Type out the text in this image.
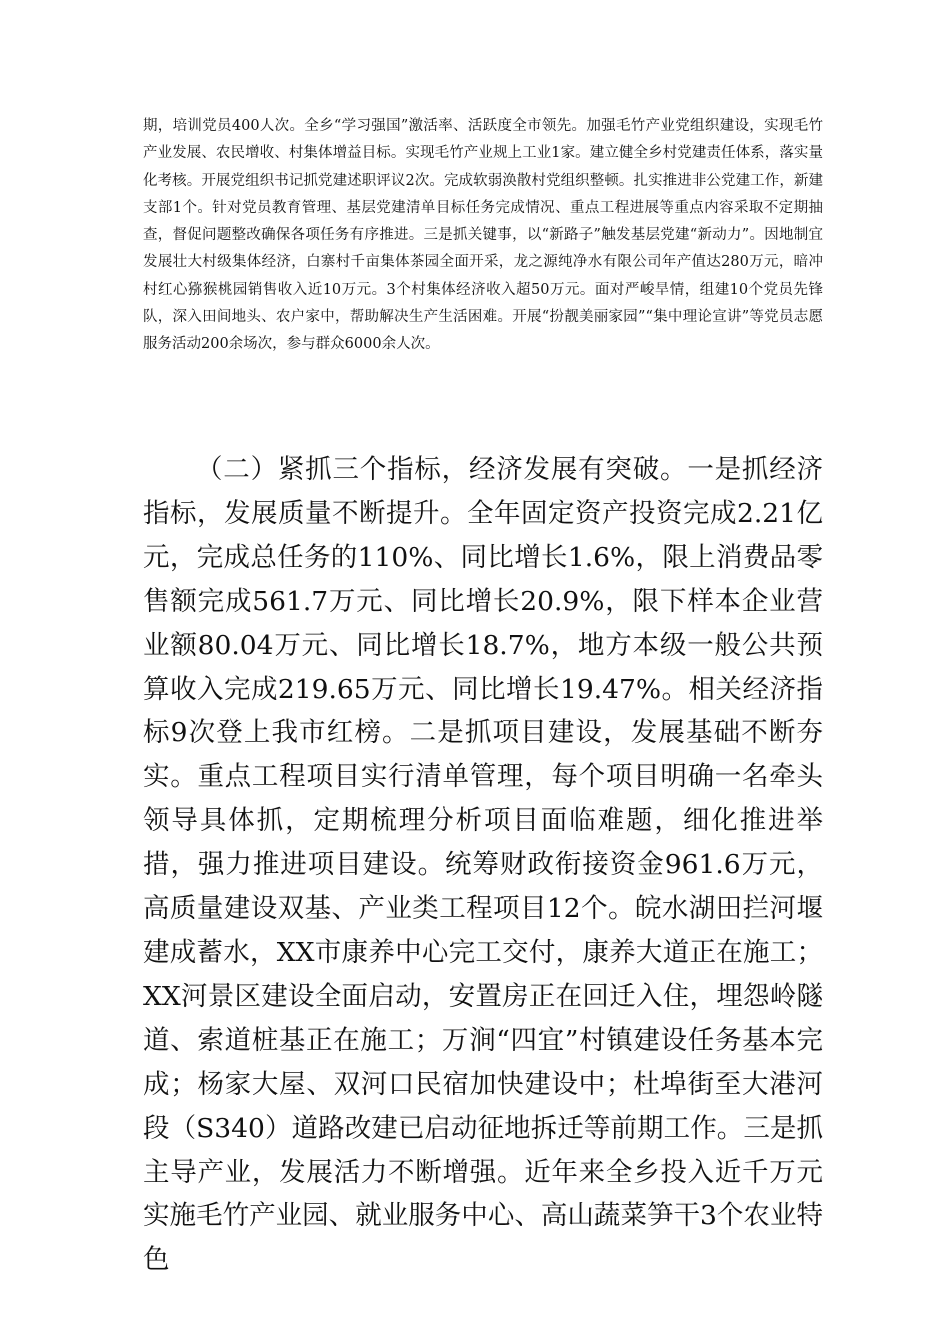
期，培训党员400人次。全乡“学习强国”激活率、活跃度全市领先。加强毛竹产业党组织建设，实现毛竹产业发展、农民增收、村集体增益目标。实现毛竹产业规上工业1家。建立健全乡村党建责任体系，落实量化考核。开展党组织书记抓党建述职评议2次。完成软弱涣散村党组织整顿。扎实推进非公党建工作，新建支部1个。针对党员教育管理、基层党建清单目标任务完成情况、重点工程进展等重点内容采取不定期抽查，督促问题整改确保各项任务有序推进。三是抓关键事，以“新路子”触发基层党建“新动力”。因地制宜发展壮大村级集体经济，白寨村千亩集体茶园全面开采，龙之源纯净水有限公司年产值达280万元，暗冲村红心猕猴桃园销售收入近10万元。3个村集体经济收入超50万元。面对严峻旱情，组建10个党员先锋队，深入田间地头、农户家中，帮助解决生产生活困难。开展“扮靓美丽家园”“集中理论宣讲”等党员志愿服务活动200余场次，参与群众6000余人次。

（二）紧抓三个指标，经济发展有突破。一是抓经济指标，发展质量不断提升。全年固定资产投资完成2.21亿元，完成总任务的110%、同比增长1.6%，限上消费品零售额完成561.7万元、同比增长20.9%，限下样本企业营业额80.04万元、同比增长18.7%，地方本级一般公共预算收入完成219.65万元、同比增长19.47%。相关经济指标9次登上我市红榜。二是抓项目建设，发展基础不断夯实。重点工程项目实行清单管理，每个项目明确一名牵头领导具体抓，定期梳理分析项目面临难题，细化推进举措，强力推进项目建设。统筹财政衔接资金961.6万元，高质量建设双基、产业类工程项目12个。皖水湖田拦河堰建成蓄水，XX市康养中心完工交付，康养大道正在施工；XX河景区建设全面启动，安置房正在回迁入住，埋怨岭隧道、索道桩基正在施工；万涧“四宜”村镇建设任务基本完成；杨家大屋、双河口民宿加快建设中；杜埠街至大港河段（S340）道路改建已启动征地拆迁等前期工作。三是抓主导产业，发展活力不断增强。近年来全乡投入近千万元实施毛竹产业园、就业服务中心、高山蔬菜笋干3个农业特色
